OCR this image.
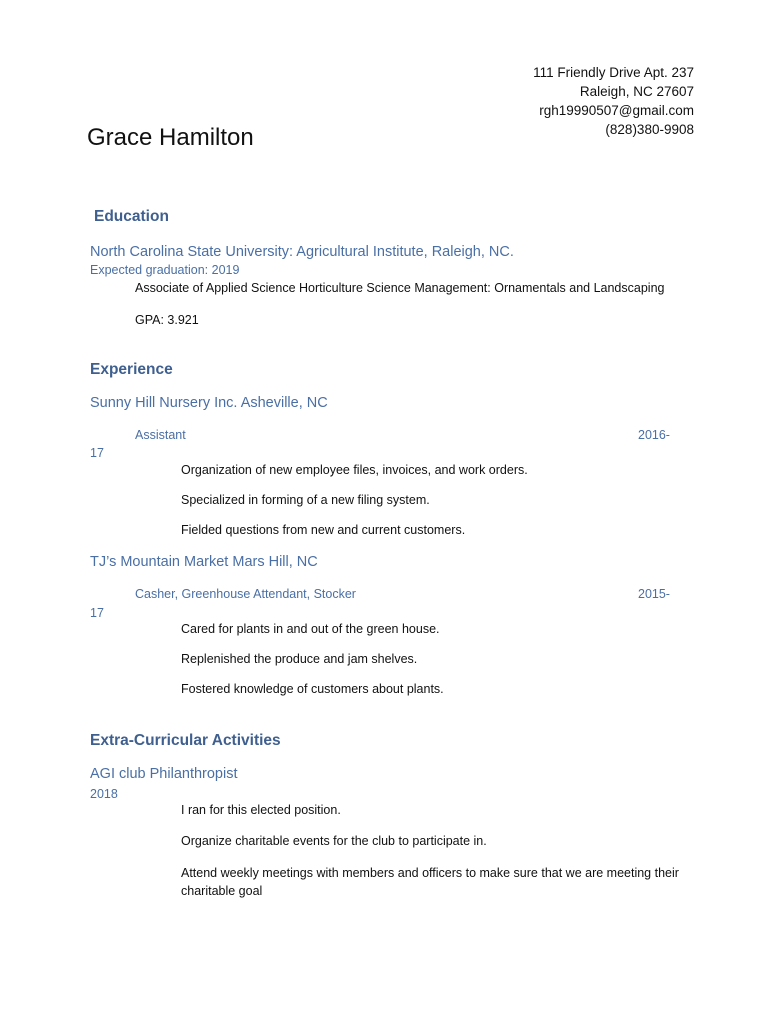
111 Friendly Drive Apt. 237
Raleigh, NC 27607
rgh19990507@gmail.com
(828)380-9908
Grace Hamilton
Education
North Carolina State University: Agricultural Institute, Raleigh, NC.
Expected graduation: 2019
Associate of Applied Science Horticulture Science Management: Ornamentals and Landscaping
GPA: 3.921
Experience
Sunny Hill Nursery Inc. Asheville, NC
Assistant	2016-
17
Organization of new employee files, invoices, and work orders.
Specialized in forming of a new filing system.
Fielded questions from new and current customers.
TJ’s Mountain Market Mars Hill, NC
Casher, Greenhouse Attendant, Stocker	2015-
17
Cared for plants in and out of the green house.
Replenished the produce and jam shelves.
Fostered knowledge of customers about plants.
Extra-Curricular Activities
AGI club Philanthropist
2018
I ran for this elected position.
Organize charitable events for the club to participate in.
Attend weekly meetings with members and officers to make sure that we are meeting their charitable goal
